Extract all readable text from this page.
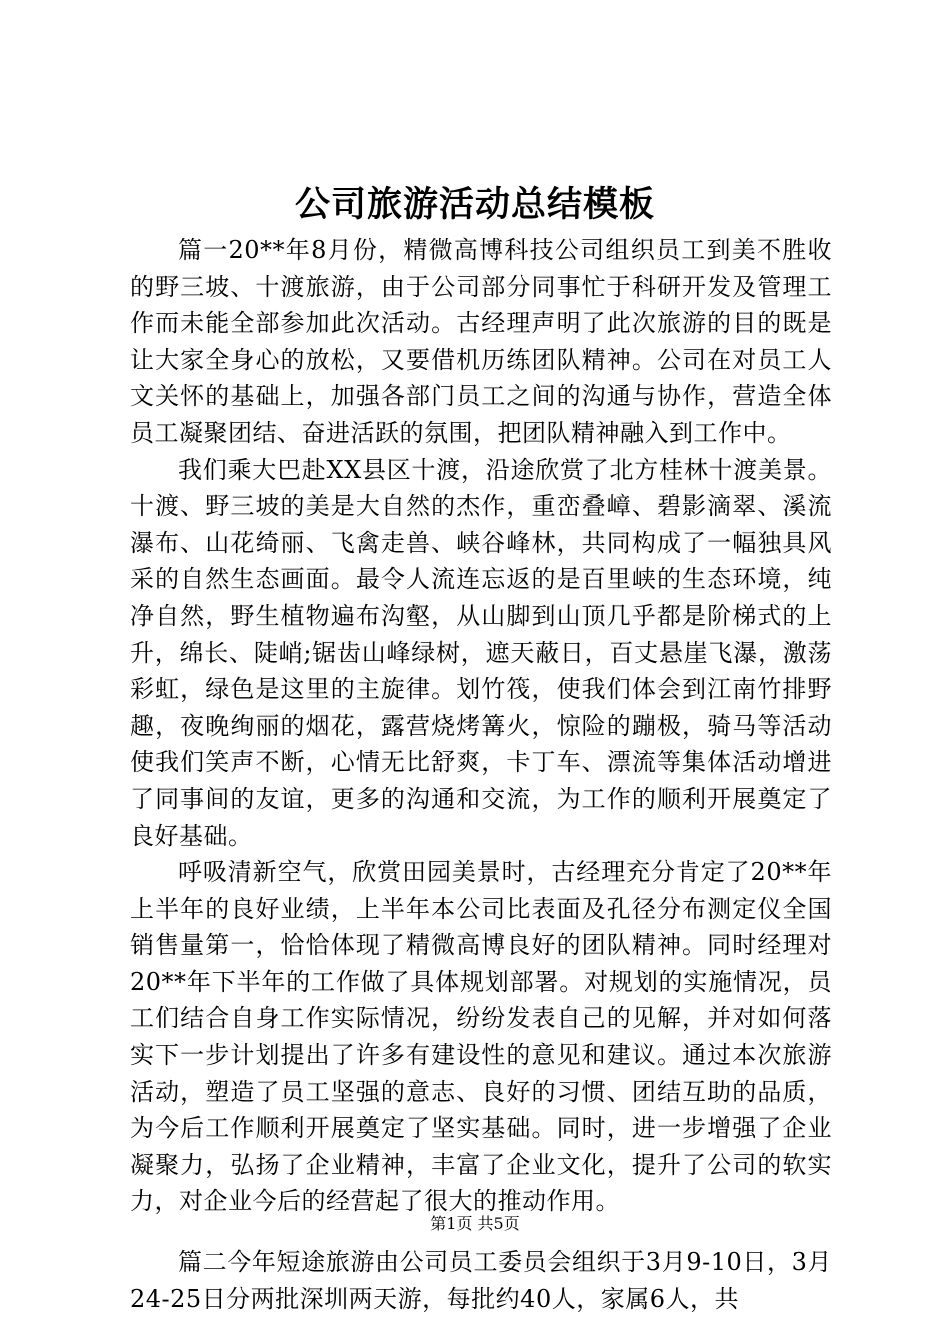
公司旅游活动总结模板

篇一20**年8月份，精微高博科技公司组织员工到美不胜收的野三坡、十渡旅游，由于公司部分同事忙于科研开发及管理工作而未能全部参加此次活动。古经理声明了此次旅游的目的既是让大家全身心的放松，又要借机历练团队精神。公司在对员工人文关怀的基础上，加强各部门员工之间的沟通与协作，营造全体员工凝聚团结、奋进活跃的氛围，把团队精神融入到工作中。

我们乘大巴赴XX县区十渡，沿途欣赏了北方桂林十渡美景。十渡、野三坡的美是大自然的杰作，重峦叠嶂、碧影滴翠、溪流瀑布、山花绮丽、飞禽走兽、峡谷峰林，共同构成了一幅独具风采的自然生态画面。最令人流连忘返的是百里峡的生态环境，纯净自然，野生植物遍布沟壑，从山脚到山顶几乎都是阶梯式的上升，绵长、陡峭;锯齿山峰绿树，遮天蔽日，百丈悬崖飞瀑，激荡彩虹，绿色是这里的主旋律。划竹筏，使我们体会到江南竹排野趣，夜晚绚丽的烟花，露营烧烤篝火，惊险的蹦极，骑马等活动使我们笑声不断，心情无比舒爽，卡丁车、漂流等集体活动增进了同事间的友谊，更多的沟通和交流，为工作的顺利开展奠定了良好基础。

呼吸清新空气，欣赏田园美景时，古经理充分肯定了20**年上半年的良好业绩，上半年本公司比表面及孔径分布测定仪全国销售量第一，恰恰体现了精微高博良好的团队精神。同时经理对20**年下半年的工作做了具体规划部署。对规划的实施情况，员工们结合自身工作实际情况，纷纷发表自己的见解，并对如何落实下一步计划提出了许多有建设性的意见和建议。通过本次旅游活动，塑造了员工坚强的意志、良好的习惯、团结互助的品质，为今后工作顺利开展奠定了坚实基础。同时，进一步增强了企业凝聚力，弘扬了企业精神，丰富了企业文化，提升了公司的软实力，对企业今后的经营起了很大的推动作用。

篇二今年短途旅游由公司员工委员会组织于3月9-10日，3月24-25日分两批深圳两天游，每批约40人，家属6人，共

第1页 共5页
